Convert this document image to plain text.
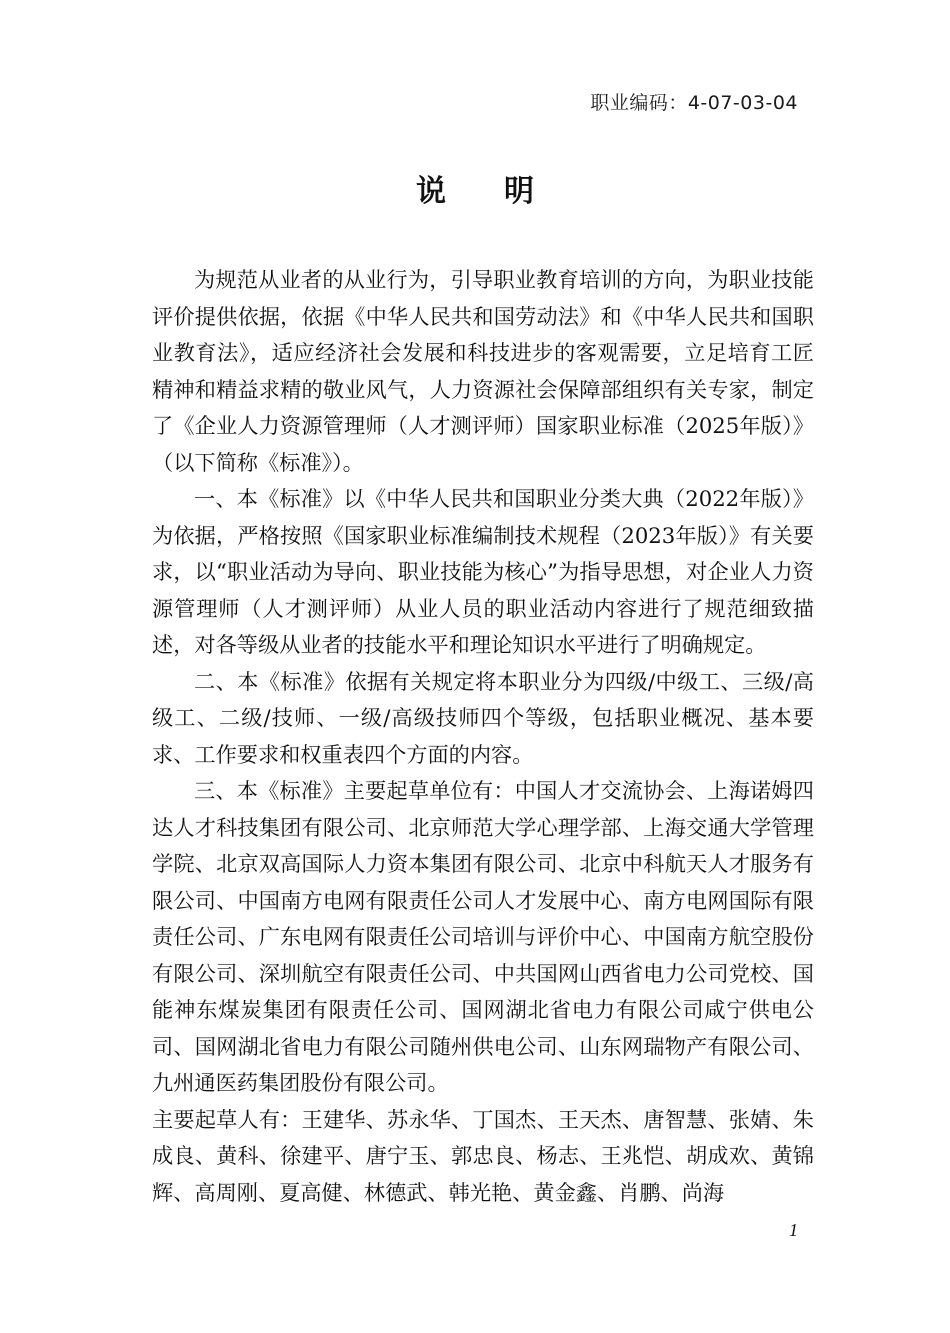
职业编码：4-07-03-04
说明

为规范从业者的从业行为，引导职业教育培训的方向，为职业技能评价提供依据，依据《中华人民共和国劳动法》和《中华人民共和国职业教育法》，适应经济社会发展和科技进步的客观需要，立足培育工匠精神和精益求精的敬业风气，人力资源社会保障部组织有关专家，制定了《企业人力资源管理师（人才测评师）国家职业标准（2025年版）》（以下简称《标准》）。

一、本《标准》以《中华人民共和国职业分类大典（2022年版）》为依据，严格按照《国家职业标准编制技术规程（2023年版）》有关要求，以“职业活动为导向、职业技能为核心”为指导思想，对企业人力资源管理师（人才测评师）从业人员的职业活动内容进行了规范细致描述，对各等级从业者的技能水平和理论知识水平进行了明确规定。

二、本《标准》依据有关规定将本职业分为四级/中级工、三级/高级工、二级/技师、一级/高级技师四个等级，包括职业概况、基本要求、工作要求和权重表四个方面的内容。

三、本《标准》主要起草单位有：中国人才交流协会、上海诺姆四达人才科技集团有限公司、北京师范大学心理学部、上海交通大学管理学院、北京双高国际人力资本集团有限公司、北京中科航天人才服务有限公司、中国南方电网有限责任公司人才发展中心、南方电网国际有限责任公司、广东电网有限责任公司培训与评价中心、中国南方航空股份有限公司、深圳航空有限责任公司、中共国网山西省电力公司党校、国能神东煤炭集团有限责任公司、国网湖北省电力有限公司咸宁供电公司、国网湖北省电力有限公司随州供电公司、山东网瑞物产有限公司、九州通医药集团股份有限公司。

主要起草人有：王建华、苏永华、丁国杰、王天杰、唐智慧、张婧、朱成良、黄科、徐建平、唐宁玉、郭忠良、杨志、王兆恺、胡成欢、黄锦辉、高周刚、夏高健、林德武、韩光艳、黄金鑫、肖鹏、尚海

1
